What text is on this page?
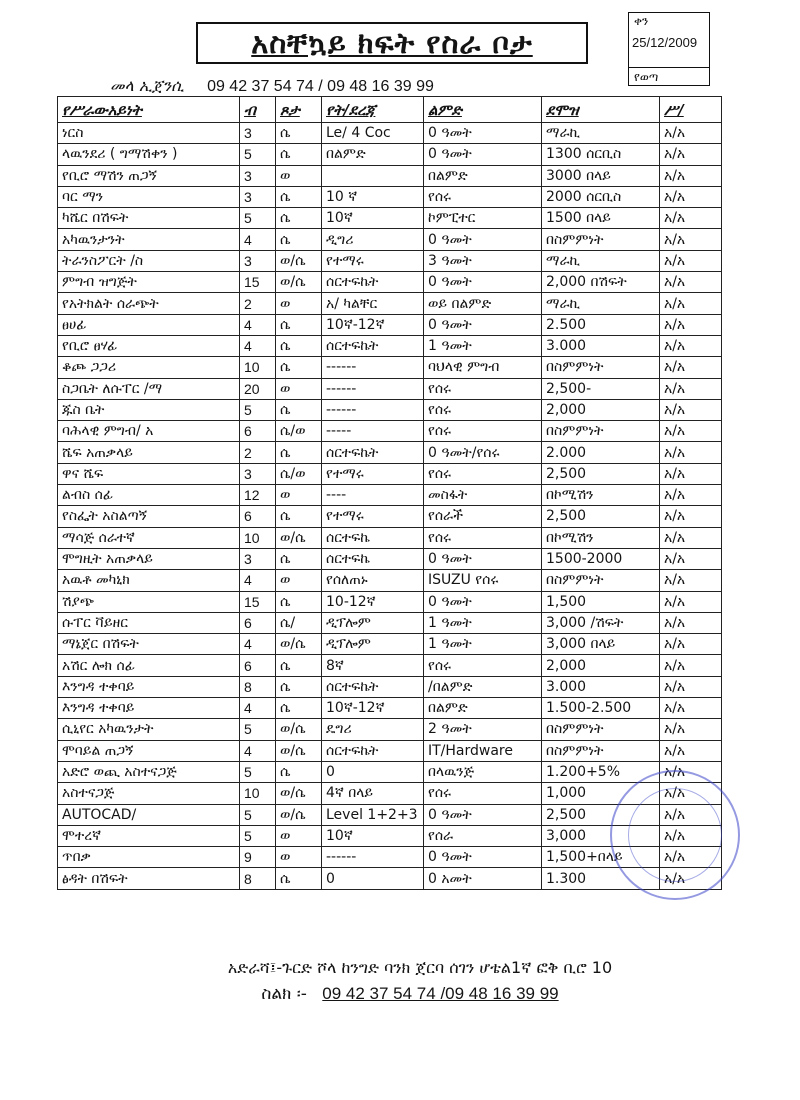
አስቸኳይ ክፍት የስራ ቦታ
ቀን
25/12/2009
የወጣ
መላ ኢጀንሲ 09 42 37 54 74 / 09 48 16 39 99
የሥራውአይነት	ብ	ጾታ	የት/ደረጃ	ልምድ	ደሞዝ	ሥ/
ነርስ	3	ሴ	Le/ 4 Coc	0 ዓመት	ማራኪ	አ/አ
ላዉንደሪ ( ግማሽቀን )	5	ሴ	በልምድ	0 ዓመት	1300 ሰርቢስ	አ/አ
የቢሮ ማሽን ጠጋኝ	3	ወ		በልምድ	3000 በላይ	አ/አ
ባር ማን	3	ሴ	10 ኛ	የሰሩ	2000 ሰርቢስ	አ/አ
ካሼር በሽፍት	5	ሴ	10ኛ	ኮምፒተር	1500 በላይ	አ/አ
አካዉንታንት	4	ሴ	ዲግሪ	0 ዓመት	በስምምነት	አ/አ
ትራንስፖርት /ስ	3	ወ/ሴ	የተማሩ	3 ዓመት	ማራኪ	አ/አ
ምግብ ዝግጅት	15	ወ/ሴ	ሰርተፍኬት	0 ዓመት	2,000 በሽፍት	አ/አ
የአትክልት ሰራጭት	2	ወ	አ/ ካልቸር	ወይ በልምድ	ማራኪ	አ/አ
ፀሀፊ	4	ሴ	10ኛ-12ኛ	0 ዓመት	2.500	አ/አ
የቢሮ ፀሃፊ	4	ሴ	ሰርተፍኬት	1 ዓመት	3.000	አ/አ
ቆጮ ጋጋሪ	10	ሴ	------	ባህላዊ ምግብ	በስምምነት	አ/አ
ስጋቤት ለሱፐር /ማ	20	ወ	------	የሰሩ	2,500-	አ/አ
ጁስ ቤት	5	ሴ	------	የሰሩ	2,000	አ/አ
ባሕላዊ ምግብ/ አ	6	ሴ/ወ	-----	የሰሩ	በስምምነት	አ/አ
ሼፍ አጠቃላይ	2	ሴ	ሰርተፍኬት	0 ዓመት/የሰሩ	2.000	አ/አ
ዋና ሼፍ	3	ሴ/ወ	የተማሩ	የሰሩ	2,500	አ/አ
ልብስ ሰፊ	12	ወ	----	መስፋት	በኮሚሽን	አ/አ
የስፌት አስልጣኝ	6	ሴ	የተማሩ	የሰራች	2,500	አ/አ
ማሳጅ ሰራተኛ	10	ወ/ሴ	ሰርተፍኬ	የሰሩ	በኮሚሽን	አ/አ
ሞግዚት አጠቃላይ	3	ሴ	ሰርተፍኬ	0 ዓመት	1500-2000	አ/አ
አዉቶ መካኒክ	4	ወ	የሰለጠኑ	ISUZU የሰሩ	በስምምነት	አ/አ
ሽያጭ	15	ሴ	10-12ኛ	0 ዓመት	1,500	አ/አ
ሱፐር ቫይዘር	6	ሴ/	ዲፕሎም	1 ዓመት	3,000 /ሽፍት	አ/አ
ማኔጀር በሽፍት	4	ወ/ሴ	ዲፕሎም	1 ዓመት	3,000 በላይ	አ/አ
አሽር ሎክ ሰፊ	6	ሴ	8ኛ	የሰሩ	2,000	አ/አ
እንግዳ ተቀባይ	8	ሴ	ሰርተፍኬት	/በልምድ	3.000	አ/አ
እንግዳ ተቀባይ	4	ሴ	10ኛ-12ኛ	በልምድ	1.500-2.500	አ/አ
ሲኒየር አካዉንታት	5	ወ/ሴ	ዴግሪ	2 ዓመት	በስምምነት	አ/አ
ሞባይል ጠጋኝ	4	ወ/ሴ	ሰርተፍኬት	IT/Hardware	በስምምነት	አ/አ
አድሮ ወጪ አስተናጋጅ	5	ሴ	0	በላዉንጅ	1.200+5%	አ/አ
አስተናጋጅ	10	ወ/ሴ	4ኛ በላይ	የሰሩ	1,000	አ/አ
AUTOCAD/	5	ወ/ሴ	Level 1+2+3	0 ዓመት	2,500	አ/አ
ሞተረኛ	5	ወ	10ኛ	የሰራ	3,000	አ/አ
ጥበቃ	9	ወ	------	0 ዓመት	1,500+በላይ	አ/አ
ፅዳት በሽፍት	8	ሴ	0	0 አመት	1.300	አ/አ
አድራሻ፤-ጉርድ ሾላ ከንግድ ባንክ ጀርባ ሰገን ሆቴል1ኛ ፎቅ ቢሮ 10
ስልክ ፡- 09 42 37 54 74 /09 48 16 39 99
